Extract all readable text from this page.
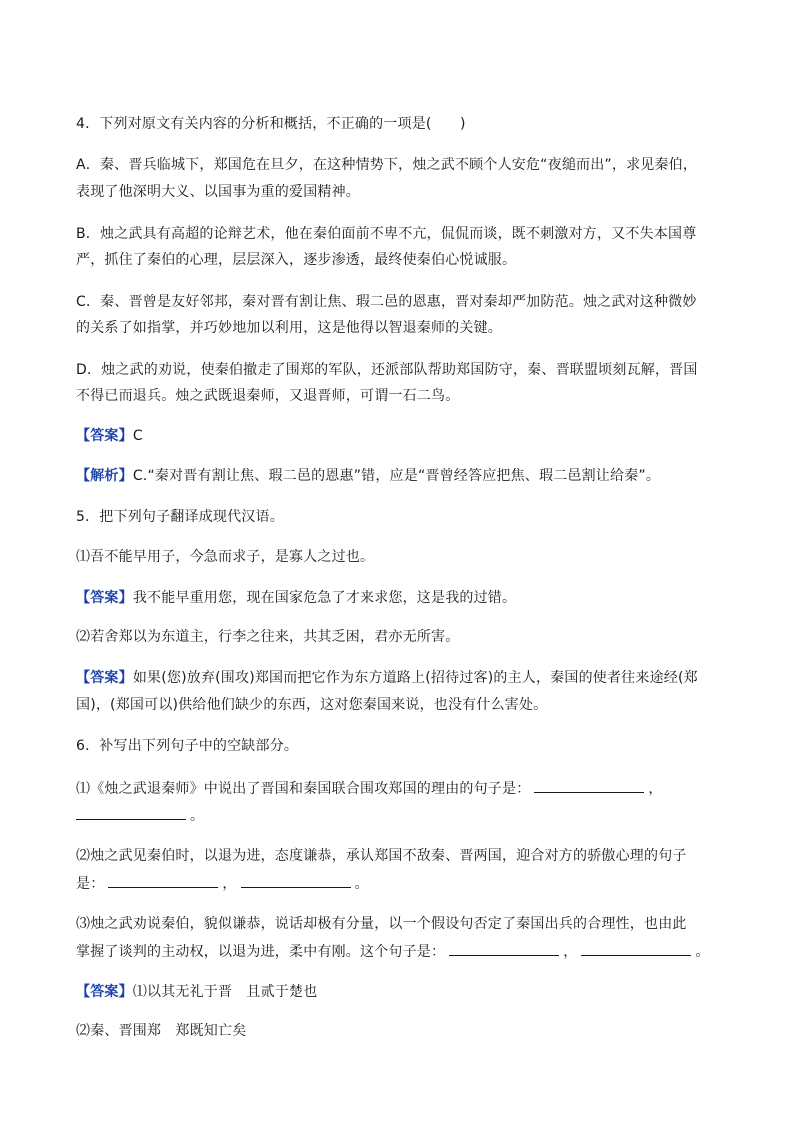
4．下列对原文有关内容的分析和概括，不正确的一项是(　　)
A．秦、晋兵临城下，郑国危在旦夕，在这种情势下，烛之武不顾个人安危“夜缒而出”，求见秦伯，
表现了他深明大义、以国事为重的爱国精神。
B．烛之武具有高超的论辩艺术，他在秦伯面前不卑不亢，侃侃而谈，既不刺激对方，又不失本国尊
严，抓住了秦伯的心理，层层深入，逐步渗透，最终使秦伯心悦诚服。
C．秦、晋曾是友好邻邦，秦对晋有割让焦、瑕二邑的恩惠，晋对秦却严加防范。烛之武对这种微妙
的关系了如指掌，并巧妙地加以利用，这是他得以智退秦师的关键。
D．烛之武的劝说，使秦伯撤走了围郑的军队，还派部队帮助郑国防守，秦、晋联盟顷刻瓦解，晋国
不得已而退兵。烛之武既退秦师，又退晋师，可谓一石二鸟。
【答案】C
【解析】C.“秦对晋有割让焦、瑕二邑的恩惠”错，应是“晋曾经答应把焦、瑕二邑割让给秦”。
5．把下列句子翻译成现代汉语。
⑴吾不能早用子，今急而求子，是寡人之过也。
【答案】我不能早重用您，现在国家危急了才来求您，这是我的过错。
⑵若舍郑以为东道主，行李之往来，共其乏困，君亦无所害。
【答案】如果(您)放弃(围攻)郑国而把它作为东方道路上(招待过客)的主人，秦国的使者往来途经(郑
国)，(郑国可以)供给他们缺少的东西，这对您秦国来说，也没有什么害处。
6．补写出下列句子中的空缺部分。
⑴《烛之武退秦师》中说出了晋国和秦国联合围攻郑国的理由的句子是：	，
。
⑵烛之武见秦伯时，以退为进，态度谦恭，承认郑国不敌秦、晋两国，迎合对方的骄傲心理的句子
是：	，	。
⑶烛之武劝说秦伯，貌似谦恭，说话却极有分量，以一个假设句否定了秦国出兵的合理性，也由此
掌握了谈判的主动权，以退为进，柔中有刚。这个句子是：	，	。
【答案】⑴以其无礼于晋　且贰于楚也
⑵秦、晋围郑　郑既知亡矣
